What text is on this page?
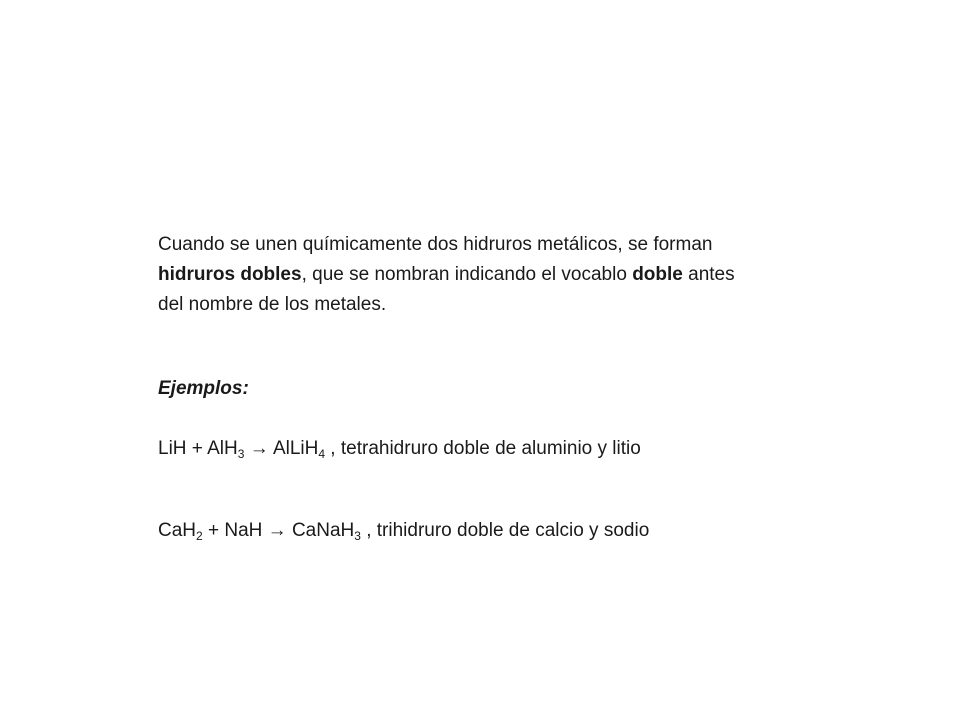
Cuando se unen químicamente dos hidruros metálicos, se forman hidruros dobles, que se nombran indicando el vocablo doble antes del nombre de los metales.

Ejemplos:

LiH + AlH$_3$ → AlLiH$_4$ , tetrahidruro doble de aluminio y litio

CaH$_2$ + NaH → CaNaH$_3$ , trihidruro doble de calcio y sodio
